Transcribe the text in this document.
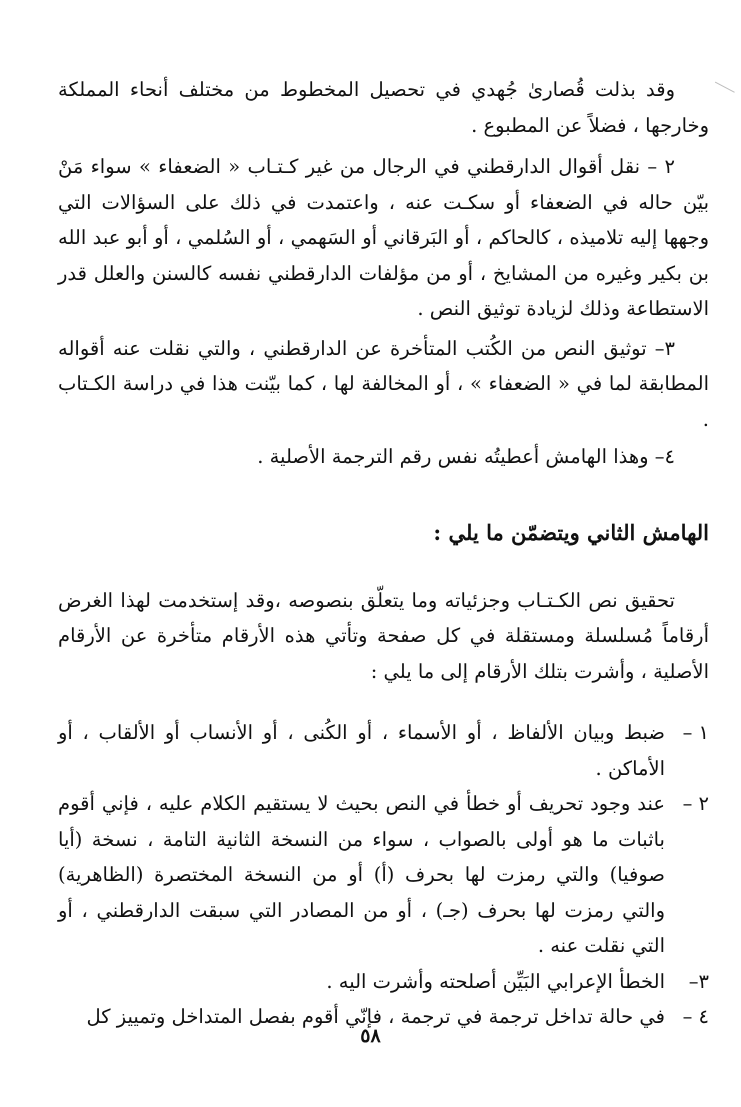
وقد بذلت قُصارىٰ جُهدي في تحصيل المخطوط من مختلف أنحاء المملكة وخارجها ، فضلاً عن المطبوع .

٢ – نقل أقوال الدارقطني في الرجال من غير كـتـاب « الضعفاء » سواء مَنْ بيّن حاله في الضعفاء أو سكـت عنه ، واعتمدت في ذلك على السؤالات التي وجهها إليه تلاميذه ، كالحاكم ، أو البَرقاني أو السَهمي ، أو السُلمي ، أو أبو عبد الله بن بكير وغيره من المشايخ ، أو من مؤلفات الدارقطني نفسه كالسنن والعلل قدر الاستطاعة وذلك لزيادة توثيق النص .

٣– توثيق النص من الكُتب المتأخرة عن الدارقطني ، والتي نقلت عنه أقواله المطابقة لما في « الضعفاء » ، أو المخالفة لها ، كما بيّنت هذا في دراسة الكـتاب .

٤– وهذا الهامش أعطيتُه نفس رقم الترجمة الأصلية .

الهامش الثاني ويتضمّن ما يلي :

تحقيق نص الكـتـاب وجزئياته وما يتعلّق بنصوصه ،وقد إستخدمت لهذا الغرض أرقاماً مُسلسلة ومستقلة في كل صفحة وتأتي هذه الأرقام متأخرة عن الأرقام الأصلية ، وأشرت بتلك الأرقام إلى ما يلي :

١ –
ضبط وبيان الألفاظ ، أو الأسماء ، أو الكُنى ، أو الأنساب أو الألقاب ، أو الأماكن .
٢ –
عند وجود تحريف أو خطأ في النص بحيث لا يستقيم الكلام عليه ، فإني أقوم باثبات ما هو أولى بالصواب ، سواء من النسخة الثانية التامة ، نسخة (أيا صوفيا) والتي رمزت لها بحرف (أ) أو من النسخة المختصرة (الظاهرية) والتي رمزت لها بحرف (جـ) ، أو من المصادر التي سبقت الدارقطني ، أو التي نقلت عنه .
٣–
الخطأ الإعرابي البَيِّن أصلحته وأشرت اليه .
٤ –
في حالة تداخل ترجمة في ترجمة ، فإنّي أقوم بفصل المتداخل وتمييز كل
٥٨
